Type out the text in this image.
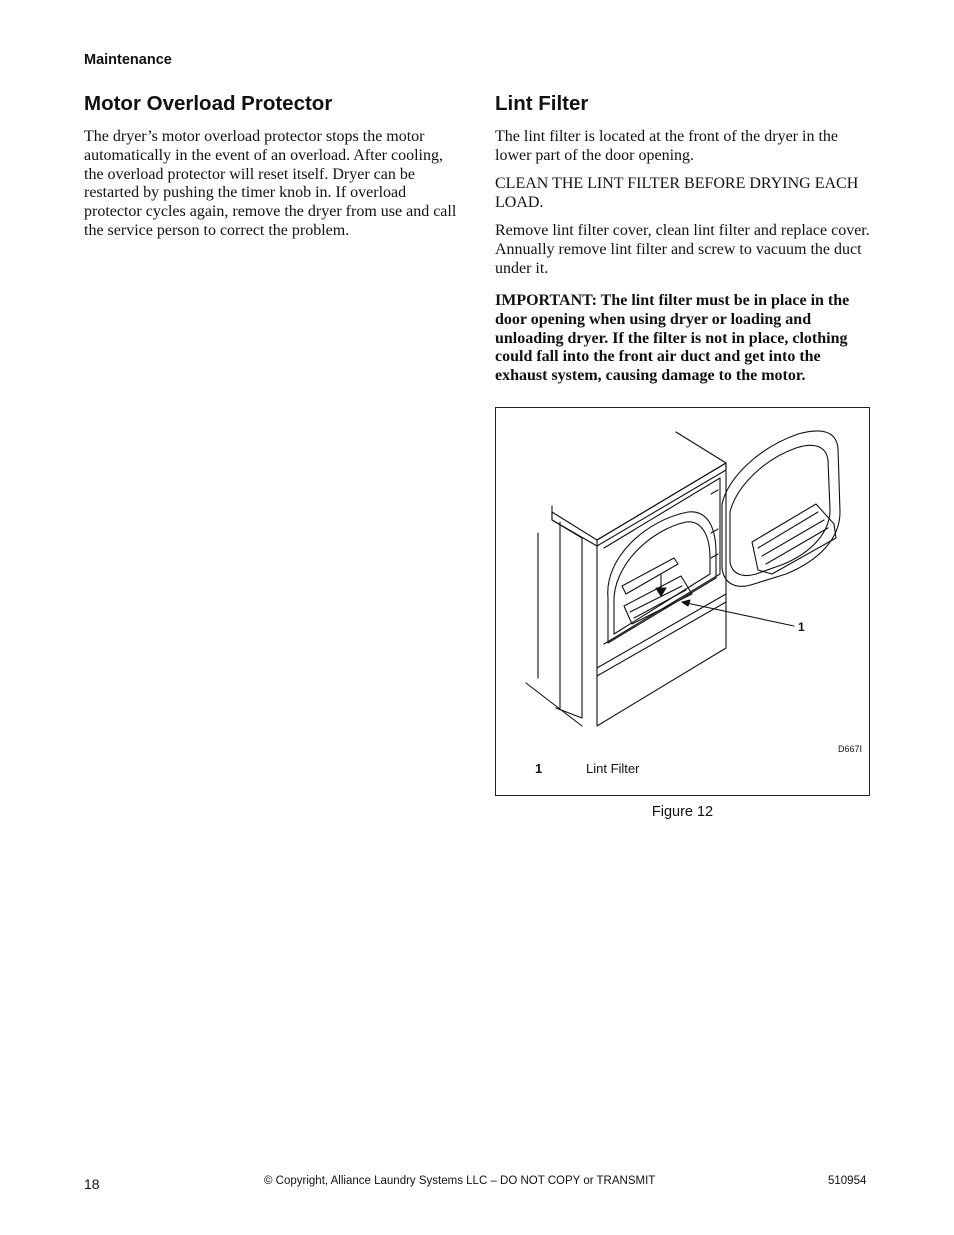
Maintenance
Motor Overload Protector

The dryer’s motor overload protector stops the motor automatically in the event of an overload. After cooling, the overload protector will reset itself. Dryer can be restarted by pushing the timer knob in. If overload protector cycles again, remove the dryer from use and call the service person to correct the problem.

Lint Filter

The lint filter is located at the front of the dryer in the lower part of the door opening.

CLEAN THE LINT FILTER BEFORE DRYING EACH LOAD.

Remove lint filter cover, clean lint filter and replace cover. Annually remove lint filter and screw to vacuum the duct under it.

IMPORTANT: The lint filter must be in place in the door opening when using dryer or loading and unloading dryer. If the filter is not in place, clothing could fall into the front air duct and get into the exhaust system, causing damage to the motor.

1
D667I
1	Lint Filter
Figure 12
18	© Copyright, Alliance Laundry Systems LLC – DO NOT COPY or TRANSMIT	510954
